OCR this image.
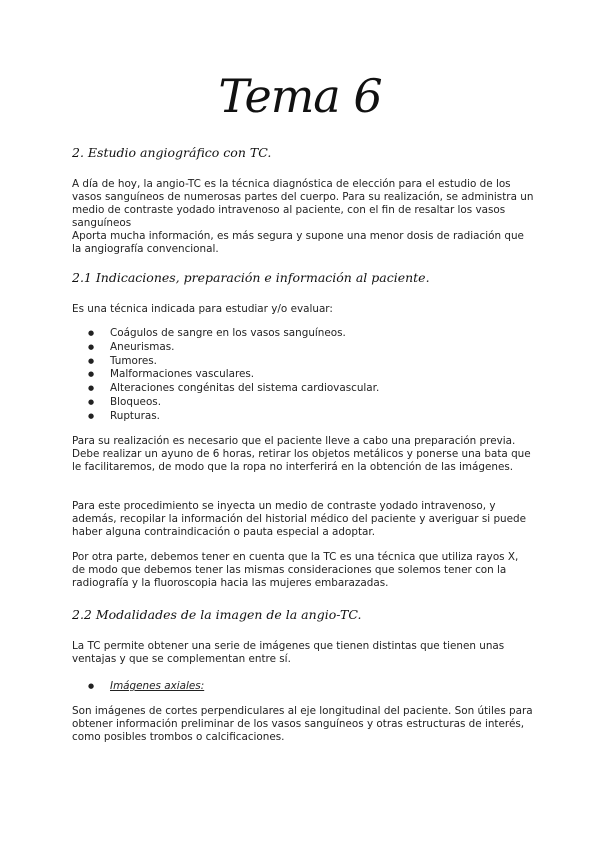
Tema 6
2. Estudio angiográfico con TC.

A día de hoy, la angio-TC es la técnica diagnóstica de elección para el estudio de los vasos sanguíneos de numerosas partes del cuerpo. Para su realización, se administra un medio de contraste yodado intravenoso al paciente, con el fin de resaltar los vasos sanguíneos

Aporta mucha información, es más segura y supone una menor dosis de radiación que la angiografía convencional.

2.1 Indicaciones, preparación e información al paciente.
Es una técnica indicada para estudiar y/o evaluar:
● Coágulos de sangre en los vasos sanguíneos.
● Aneurismas.
● Tumores.
● Malformaciones vasculares.
● Alteraciones congénitas del sistema cardiovascular.
● Bloqueos.
● Rupturas.
Para su realización es necesario que el paciente lleve a cabo una preparación previa. Debe realizar un ayuno de 6 horas, retirar los objetos metálicos y ponerse una bata que le facilitaremos, de modo que la ropa no interferirá en la obtención de las imágenes.
Para este procedimiento se inyecta un medio de contraste yodado intravenoso, y además, recopilar la información del historial médico del paciente y averiguar si puede haber alguna contraindicación o pauta especial a adoptar.
Por otra parte, debemos tener en cuenta que la TC es una técnica que utiliza rayos X, de modo que debemos tener las mismas consideraciones que solemos tener con la radiografía y la fluoroscopia hacia las mujeres embarazadas.
2.2 Modalidades de la imagen de la angio-TC.
La TC permite obtener una serie de imágenes que tienen distintas que tienen unas ventajas y que se complementan entre sí.
● Imágenes axiales:
Son imágenes de cortes perpendiculares al eje longitudinal del paciente. Son útiles para obtener información preliminar de los vasos sanguíneos y otras estructuras de interés, como posibles trombos o calcificaciones.
